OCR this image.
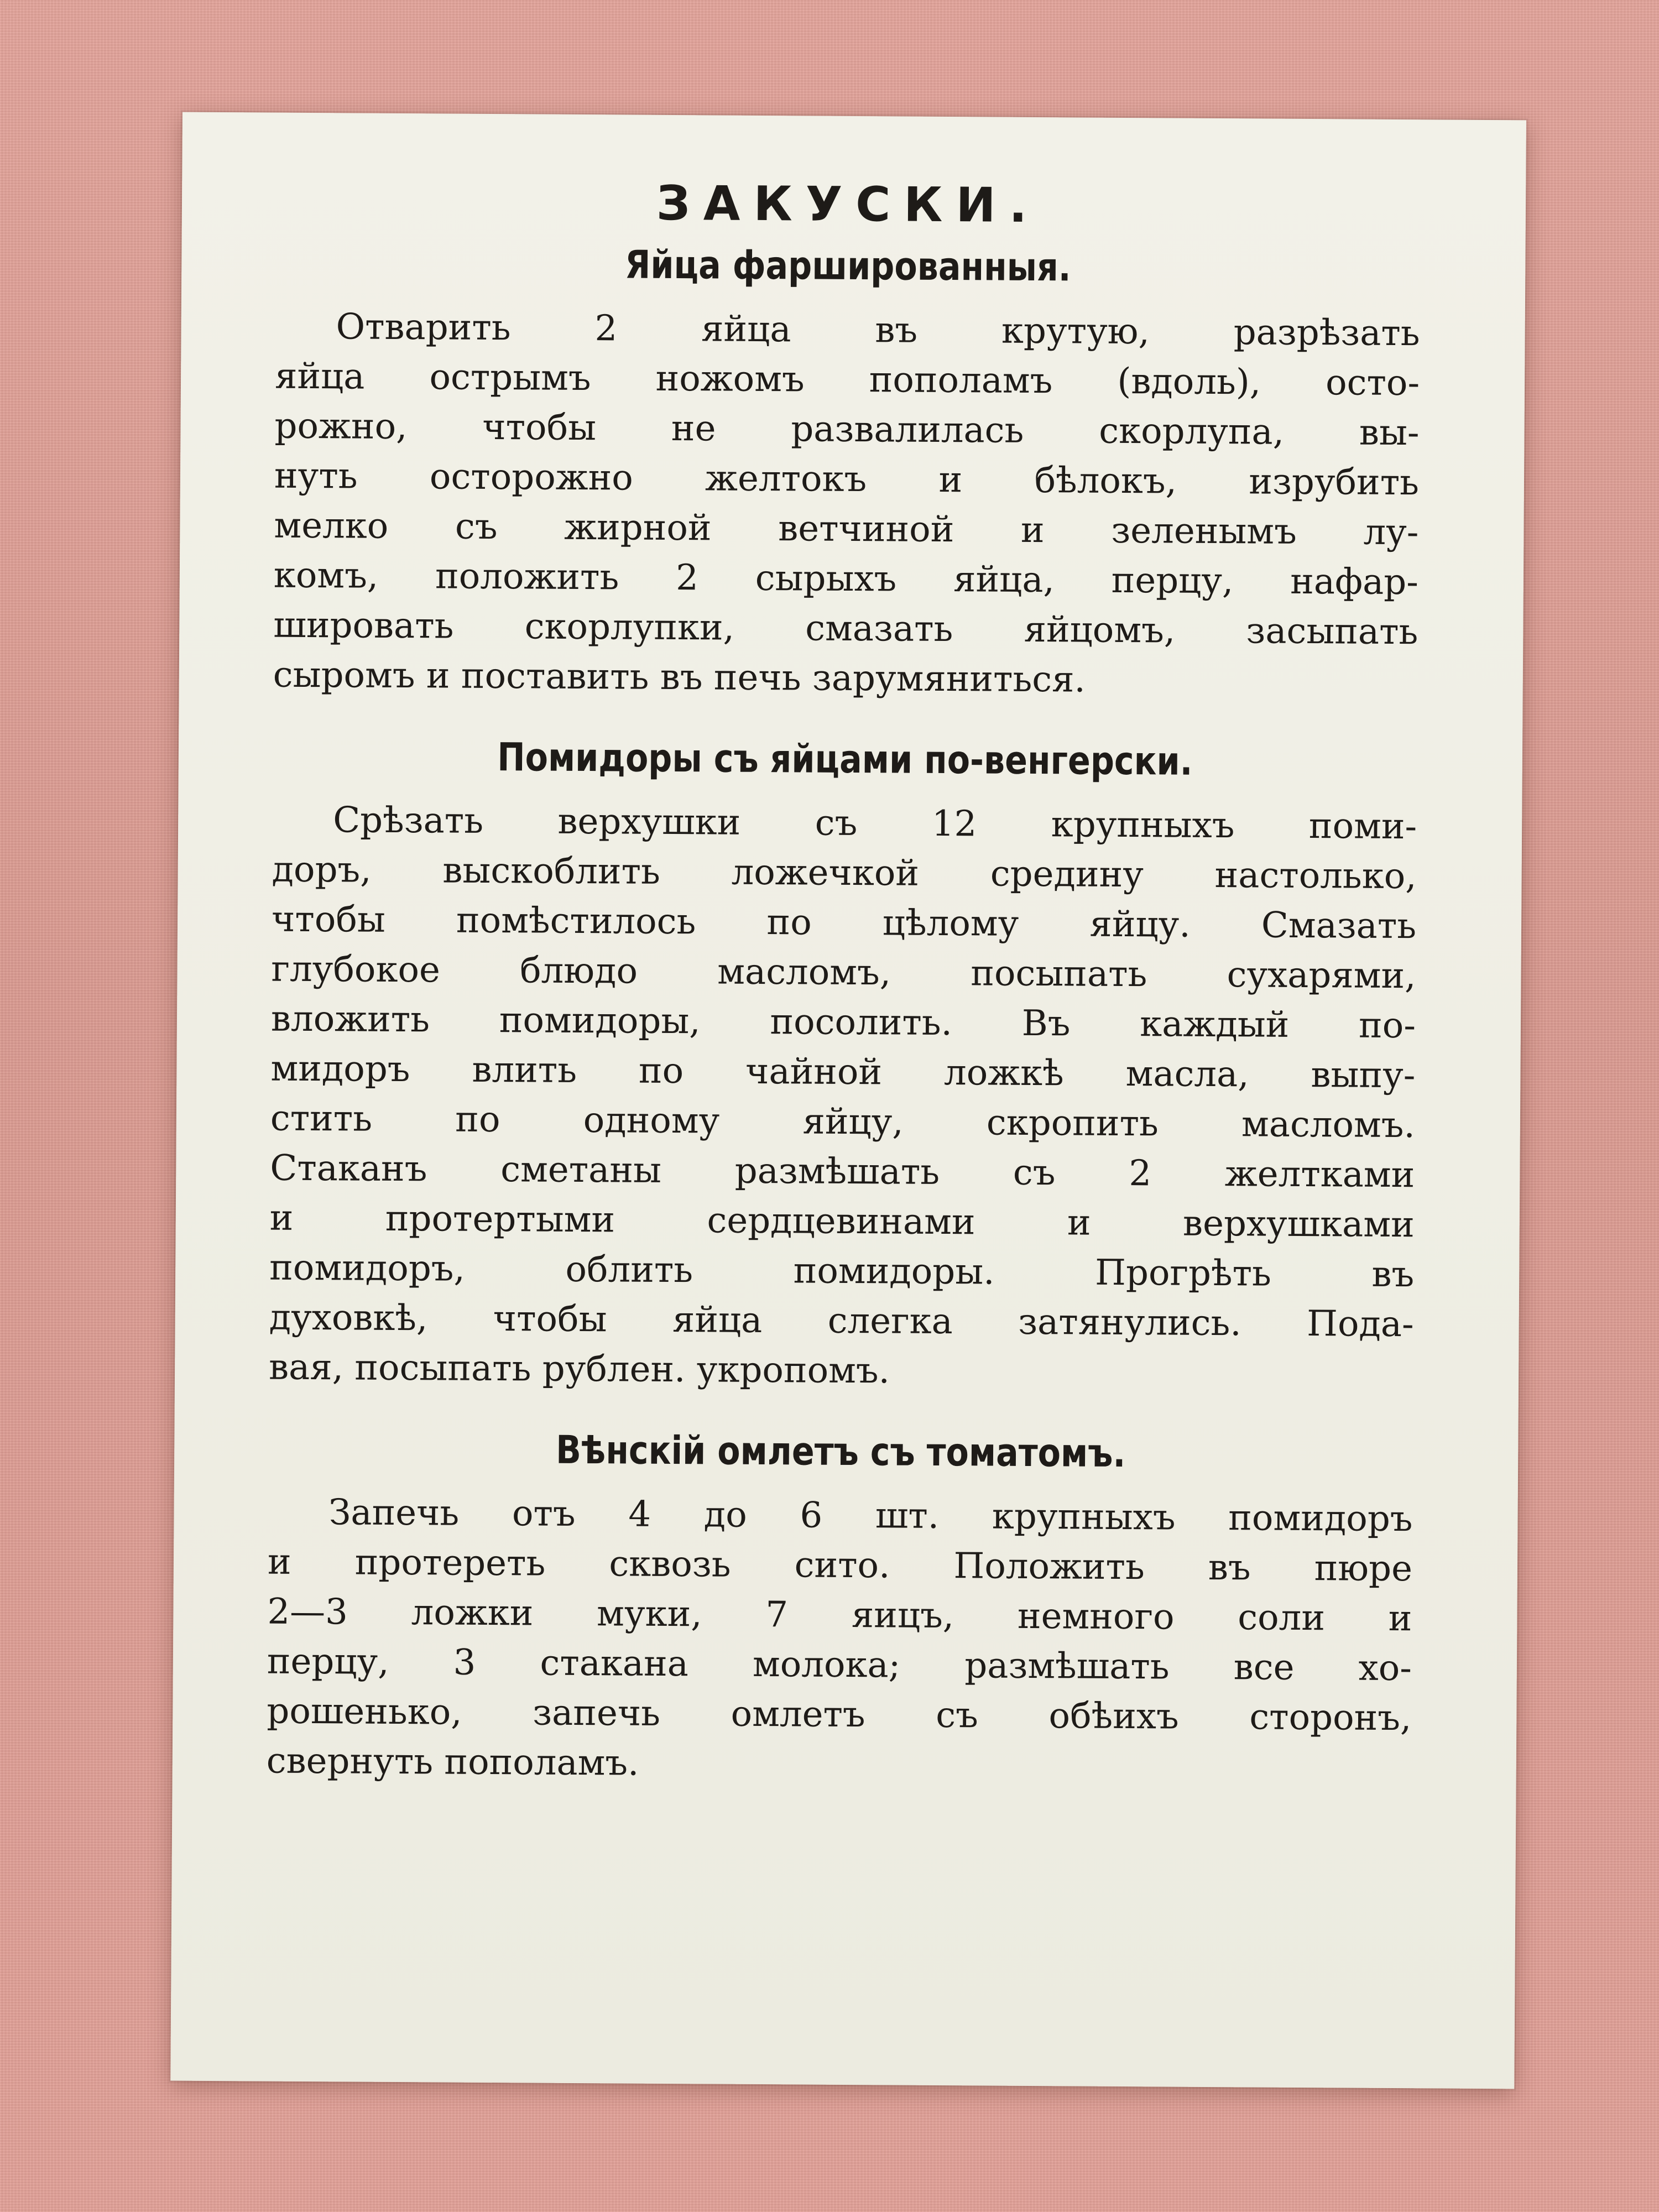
ЗАКУСКИ.
Яйца фаршированныя.
Отварить 2 яйца въ крутую, разрѣзать
яйца острымъ ножомъ пополамъ (вдоль), осто-
рожно, чтобы не развалилась скорлупа, вы-
нуть осторожно желтокъ и бѣлокъ, изрубить
мелко съ жирной ветчиной и зеленымъ лу-
комъ, положить 2 сырыхъ яйца, перцу, нафар-
шировать скорлупки, смазать яйцомъ, засыпать
сыромъ и поставить въ печь зарумяниться.
Помидоры съ яйцами по-венгерски.
Срѣзать верхушки съ 12 крупныхъ поми-
доръ, выскоблить ложечкой средину настолько,
чтобы помѣстилось по цѣлому яйцу. Смазать
глубокое блюдо масломъ, посыпать сухарями,
вложить помидоры, посолить. Въ каждый по-
мидоръ влить по чайной ложкѣ масла, выпу-
стить по одному яйцу, скропить масломъ.
Стаканъ сметаны размѣшать съ 2 желтками
и протертыми сердцевинами и верхушками
помидоръ, облить помидоры. Прогрѣть въ
духовкѣ, чтобы яйца слегка затянулись. Пода-
вая, посыпать рублен. укропомъ.
Вѣнскій омлетъ съ томатомъ.
Запечь отъ 4 до 6 шт. крупныхъ помидоръ
и протереть сквозь сито. Положить въ пюре
2—3 ложки муки, 7 яицъ, немного соли и
перцу, 3 стакана молока; размѣшать все хо-
рошенько, запечь омлетъ съ обѣихъ сторонъ,
свернуть пополамъ.
